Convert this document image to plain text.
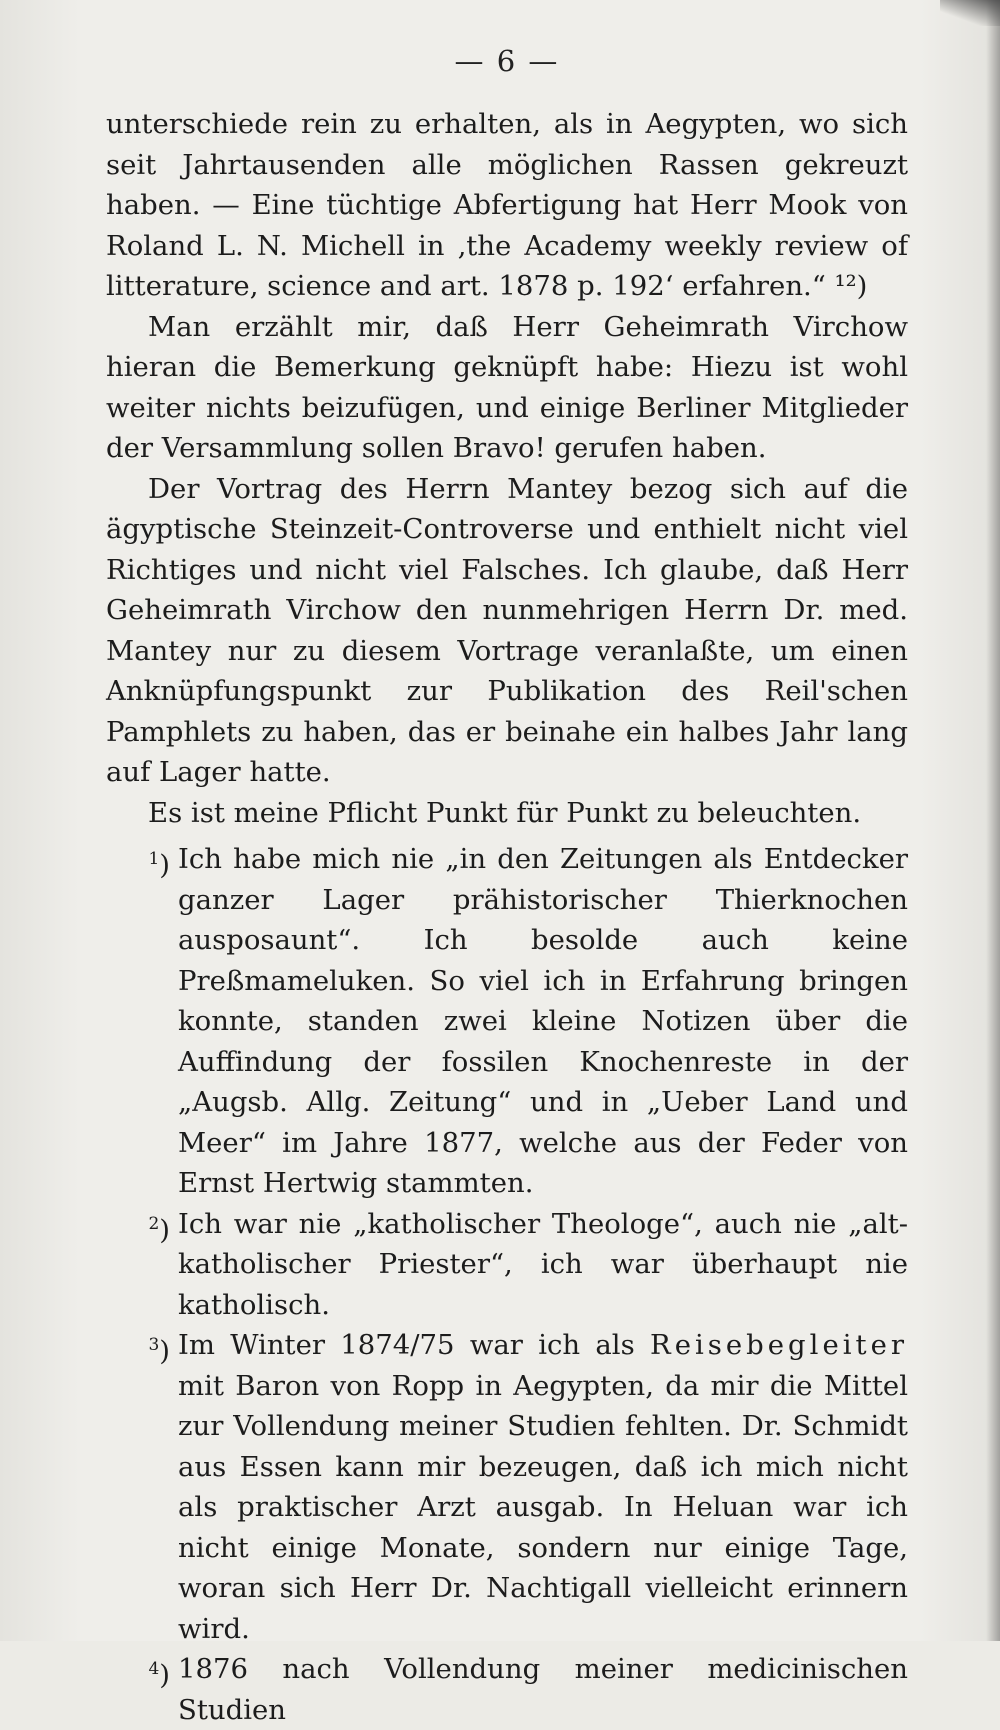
— 6 —

unterschiede rein zu erhalten, als in Aegypten, wo sich seit Jahrtausenden alle möglichen Rassen gekreuzt haben. — Eine tüchtige Abfertigung hat Herr Mook von Roland L. N. Michell in ‚the Academy weekly review of litterature, science and art. 1878 p. 192‘ erfahren.“ ¹²)

Man erzählt mir, daß Herr Geheimrath Virchow hieran die Bemerkung geknüpft habe: Hiezu ist wohl weiter nichts beizufügen, und einige Berliner Mitglieder der Versammlung sollen Bravo! gerufen haben.

Der Vortrag des Herrn Mantey bezog sich auf die ägyptische Steinzeit-Controverse und enthielt nicht viel Richtiges und nicht viel Falsches. Ich glaube, daß Herr Geheimrath Virchow den nunmehrigen Herrn Dr. med. Mantey nur zu diesem Vortrage veranlaßte, um einen Anknüpfungspunkt zur Publikation des Reil'schen Pamphlets zu haben, das er beinahe ein halbes Jahr lang auf Lager hatte.

Es ist meine Pflicht Punkt für Punkt zu beleuchten.

$^1$) Ich habe mich nie „in den Zeitungen als Entdecker ganzer Lager prähistorischer Thierknochen ausposaunt“. Ich besolde auch keine Preßmameluken. So viel ich in Erfahrung bringen konnte, standen zwei kleine Notizen über die Auffindung der fossilen Knochenreste in der „Augsb. Allg. Zeitung“ und in „Ueber Land und Meer“ im Jahre 1877, welche aus der Feder von Ernst Hertwig stammten.
$^2$) Ich war nie „katholischer Theologe“, auch nie „alt-katholischer Priester“, ich war überhaupt nie katholisch.
$^3$) Im Winter 1874/75 war ich als Reisebegleiter mit Baron von Ropp in Aegypten, da mir die Mittel zur Vollendung meiner Studien fehlten. Dr. Schmidt aus Essen kann mir bezeugen, daß ich mich nicht als praktischer Arzt ausgab. In Heluan war ich nicht einige Monate, sondern nur einige Tage, woran sich Herr Dr. Nachtigall vielleicht erinnern wird.
$^4$) 1876 nach Vollendung meiner medicinischen Studien
